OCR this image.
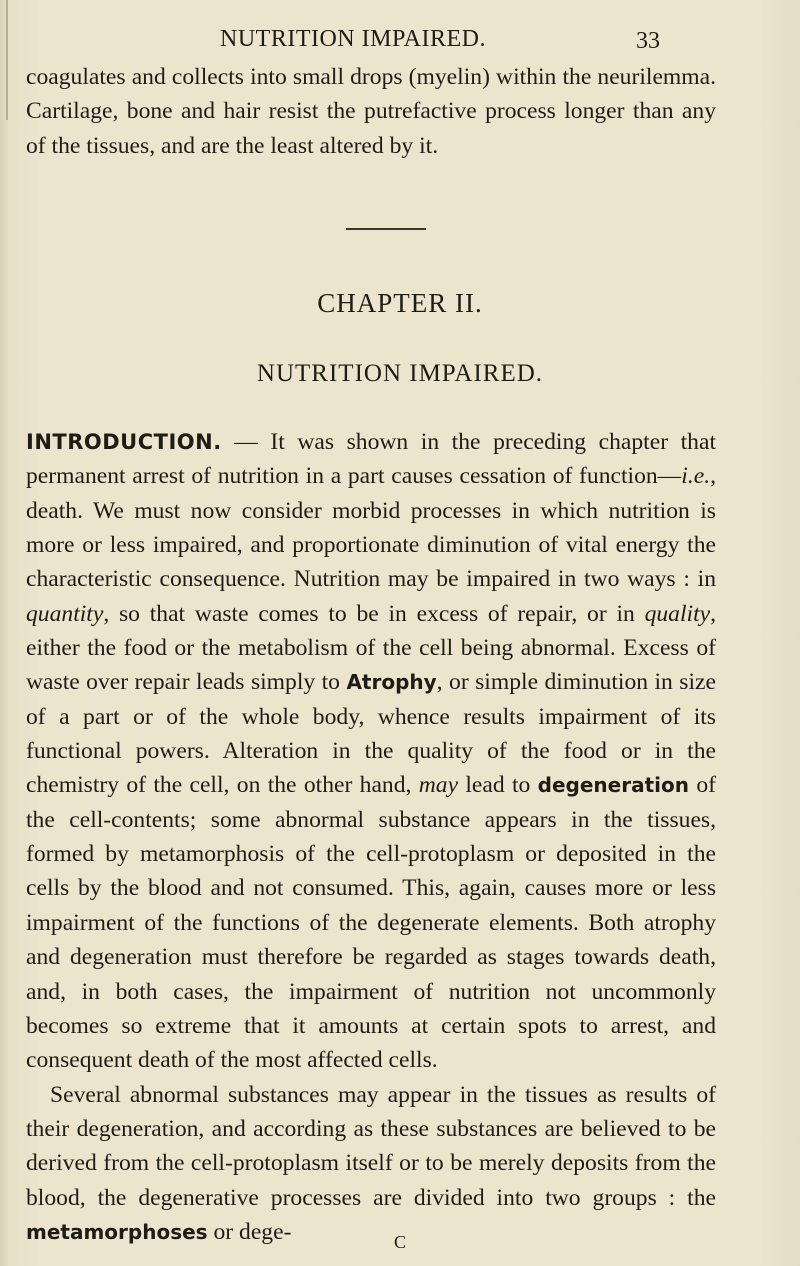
NUTRITION IMPAIRED.	33

coagulates and collects into small drops (myelin) within the neurilemma. Cartilage, bone and hair resist the putrefactive process longer than any of the tissues, and are the least altered by it.

CHAPTER II.
NUTRITION IMPAIRED.

INTRODUCTION. — It was shown in the preceding chapter that permanent arrest of nutrition in a part causes cessation of function—i.e., death. We must now consider morbid processes in which nutrition is more or less impaired, and proportionate diminution of vital energy the characteristic consequence. Nutrition may be impaired in two ways : in quantity, so that waste comes to be in excess of repair, or in quality, either the food or the metabolism of the cell being abnormal. Excess of waste over repair leads simply to Atrophy, or simple diminution in size of a part or of the whole body, whence results impairment of its functional powers. Alteration in the quality of the food or in the chemistry of the cell, on the other hand, may lead to degeneration of the cell-contents; some abnormal substance appears in the tissues, formed by metamorphosis of the cell-protoplasm or deposited in the cells by the blood and not consumed. This, again, causes more or less impairment of the functions of the degenerate elements. Both atrophy and degeneration must therefore be regarded as stages towards death, and, in both cases, the impairment of nutrition not uncommonly becomes so extreme that it amounts at certain spots to arrest, and consequent death of the most affected cells.

Several abnormal substances may appear in the tissues as results of their degeneration, and according as these substances are believed to be derived from the cell-protoplasm itself or to be merely deposits from the blood, the degenerative processes are divided into two groups : the metamorphoses or dege-	C
